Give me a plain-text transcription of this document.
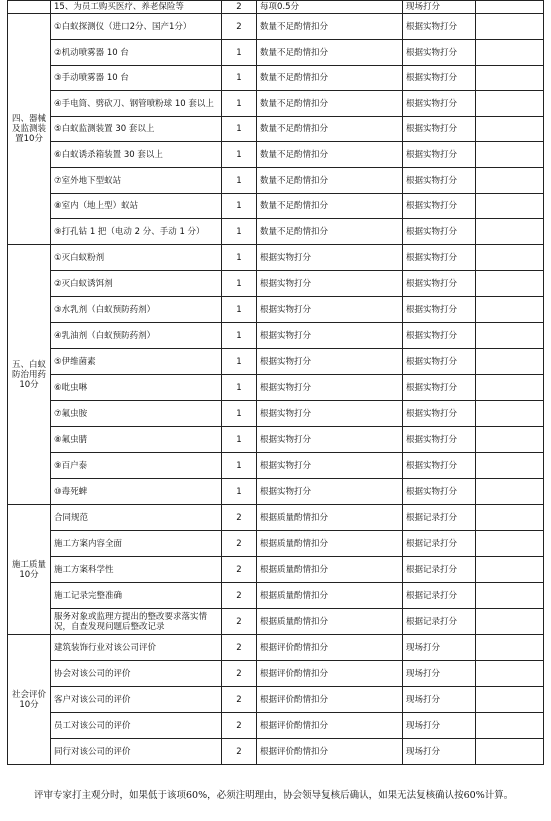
	15、为员工购买医疗、养老保险等	2	每项0.5分	现场打分	
四、器械及监测装置10分	①白蚁探测仪（进口2分、国产1分）	2	数量不足酌情扣分	根据实物打分	
	②机动喷雾器 10 台	1	数量不足酌情扣分	根据实物打分	
	③手动喷雾器 10 台	1	数量不足酌情扣分	根据实物打分	
	④手电筒、劈砍刀、钢管喷粉球 10 套以上	1	数量不足酌情扣分	根据实物打分	
	⑤白蚁监测装置 30 套以上	1	数量不足酌情扣分	根据实物打分	
	⑥白蚁诱杀箱装置 30 套以上	1	数量不足酌情扣分	根据实物打分	
	⑦室外地下型蚁站	1	数量不足酌情扣分	根据实物打分	
	⑧室内（地上型）蚁站	1	数量不足酌情扣分	根据实物打分	
	⑨打孔钻 1 把（电动 2 分、手动 1 分）	1	数量不足酌情扣分	根据实物打分	
五、白蚁防治用药10分	①灭白蚁粉剂	1	根据实物打分	根据实物打分	
	②灭白蚁诱饵剂	1	根据实物打分	根据实物打分	
	③水乳剂（白蚁预防药剂）	1	根据实物打分	根据实物打分	
	④乳油剂（白蚁预防药剂）	1	根据实物打分	根据实物打分	
	⑤伊维菌素	1	根据实物打分	根据实物打分	
	⑥吡虫啉	1	根据实物打分	根据实物打分	
	⑦氟虫胺	1	根据实物打分	根据实物打分	
	⑧氟虫腈	1	根据实物打分	根据实物打分	
	⑨百户泰	1	根据实物打分	根据实物打分	
	⑩毒死蜱	1	根据实物打分	根据实物打分	
施工质量 10分	合同规范	2	根据质量酌情扣分	根据记录打分	
	施工方案内容全面	2	根据质量酌情扣分	根据记录打分	
	施工方案科学性	2	根据质量酌情扣分	根据记录打分	
	施工记录完整准确	2	根据质量酌情扣分	根据记录打分	
	服务对象或监理方提出的整改要求落实情况，自查发现问题后整改记录	2	根据质量酌情扣分	根据记录打分	
社会评价 10分	建筑装饰行业对该公司评价	2	根据评价酌情扣分	现场打分	
	协会对该公司的评价	2	根据评价酌情扣分	现场打分	
	客户对该公司的评价	2	根据评价酌情扣分	现场打分	
	员工对该公司的评价	2	根据评价酌情扣分	现场打分	
	同行对该公司的评价	2	根据评价酌情扣分	现场打分	
评审专家打主观分时，如果低于该项60%，必须注明理由，协会领导复核后确认，如果无法复核确认按60%计算。
